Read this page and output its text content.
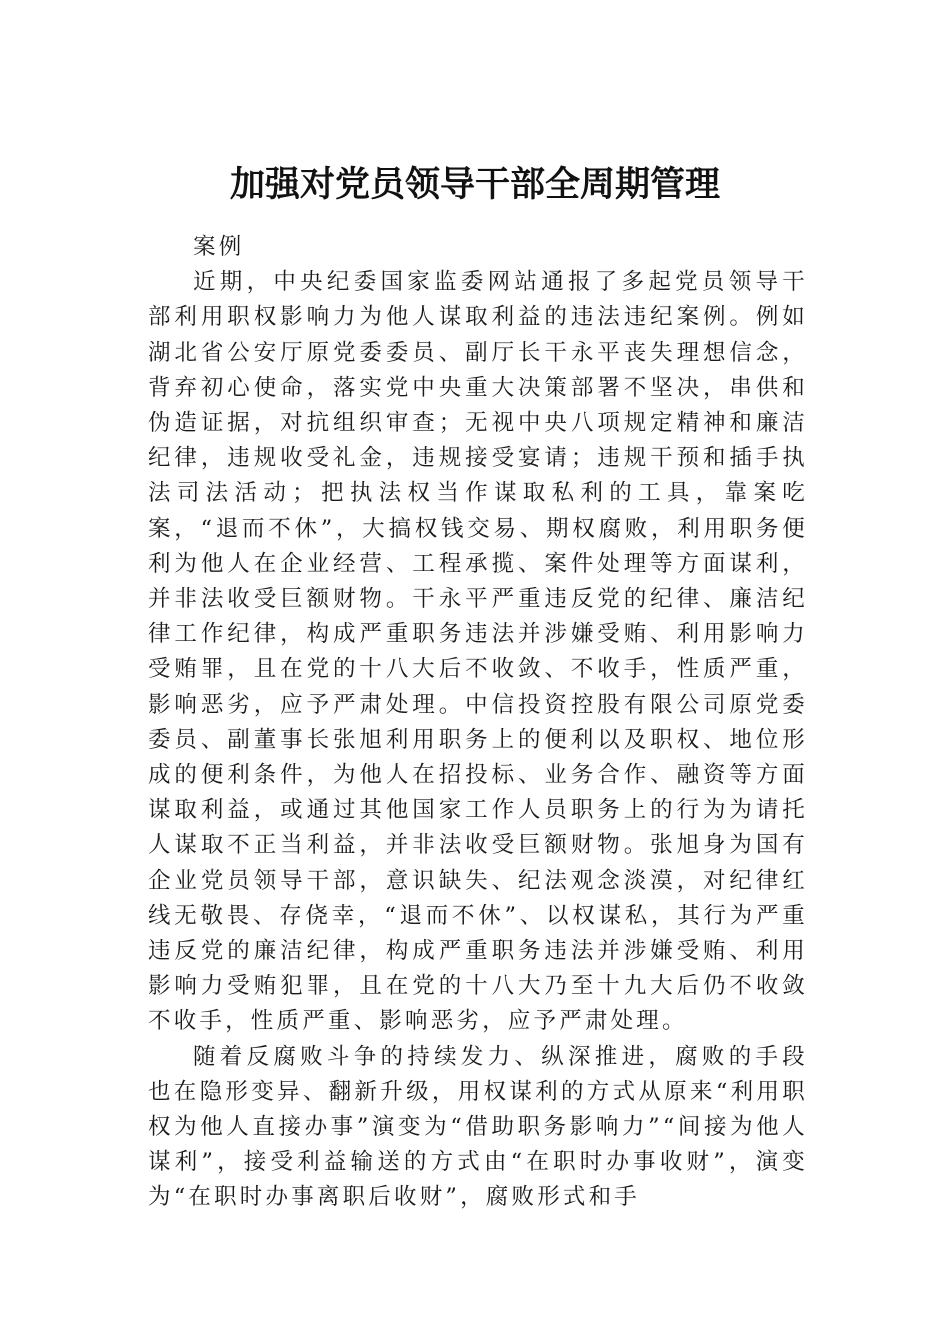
加强对党员领导干部全周期管理

案例

近期，中央纪委国家监委网站通报了多起党员领导干部利用职权影响力为他人谋取利益的违法违纪案例。例如湖北省公安厅原党委委员、副厅长干永平丧失理想信念，背弃初心使命，落实党中央重大决策部署不坚决，串供和伪造证据，对抗组织审查；无视中央八项规定精神和廉洁纪律，违规收受礼金，违规接受宴请；违规干预和插手执法司法活动；把执法权当作谋取私利的工具，靠案吃案，“退而不休”，大搞权钱交易、期权腐败，利用职务便利为他人在企业经营、工程承揽、案件处理等方面谋利，并非法收受巨额财物。干永平严重违反党的纪律、廉洁纪律工作纪律，构成严重职务违法并涉嫌受贿、利用影响力受贿罪，且在党的十八大后不收敛、不收手，性质严重，影响恶劣，应予严肃处理。中信投资控股有限公司原党委委员、副董事长张旭利用职务上的便利以及职权、地位形成的便利条件，为他人在招投标、业务合作、融资等方面谋取利益，或通过其他国家工作人员职务上的行为为请托人谋取不正当利益，并非法收受巨额财物。张旭身为国有企业党员领导干部，意识缺失、纪法观念淡漠，对纪律红线无敬畏、存侥幸，“退而不休”、以权谋私，其行为严重违反党的廉洁纪律，构成严重职务违法并涉嫌受贿、利用影响力受贿犯罪，且在党的十八大乃至十九大后仍不收敛不收手，性质严重、影响恶劣，应予严肃处理。

随着反腐败斗争的持续发力、纵深推进，腐败的手段也在隐形变异、翻新升级，用权谋利的方式从原来“利用职权为他人直接办事”演变为“借助职务影响力”“间接为他人谋利”，接受利益输送的方式由“在职时办事收财”，演变为“在职时办事离职后收财”，腐败形式和手
